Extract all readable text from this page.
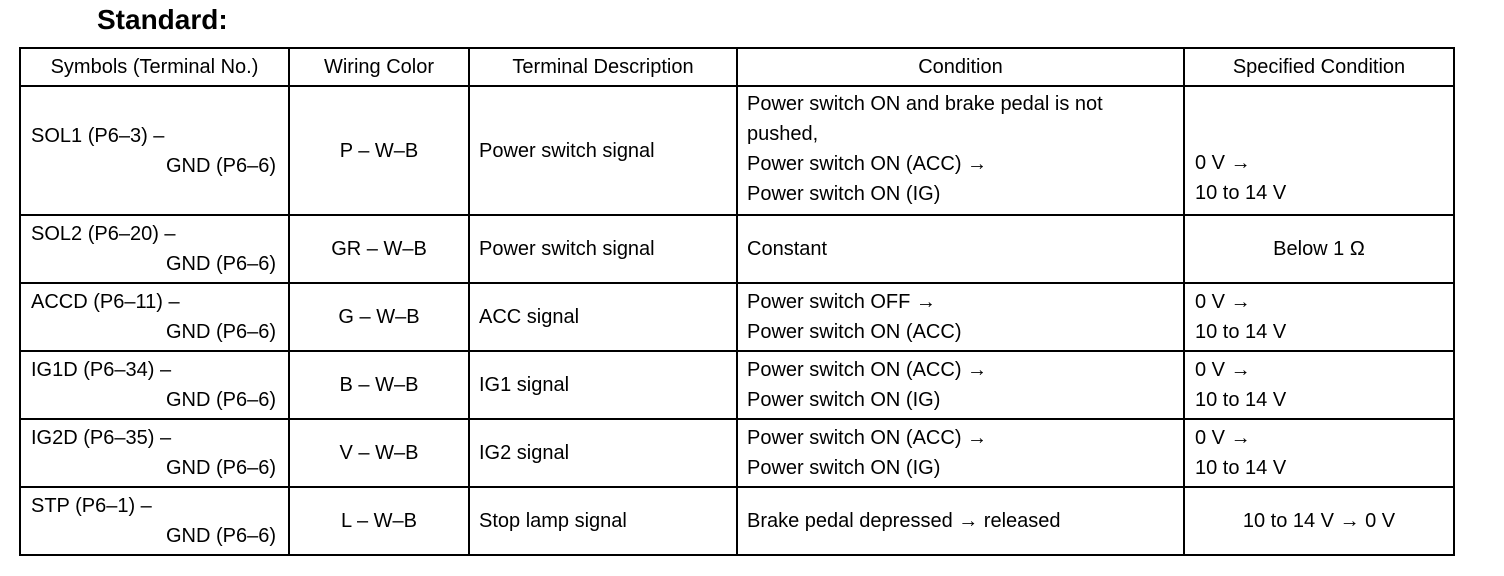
Standard:
Symbols (Terminal No.)	Wiring Color	Terminal Description	Condition	Specified Condition

SOL1 (P6–3) –
GND (P6–6)	P – W–B	Power switch signal	Power switch ON and brake pedal is not
pushed,
Power switch ON (ACC) →
Power switch ON (IG)	0 V →
10 to 14 V

SOL2 (P6–20) –
GND (P6–6)	GR – W–B	Power switch signal	Constant	Below 1 Ω

ACCD (P6–11) –
GND (P6–6)	G – W–B	ACC signal	Power switch OFF →
Power switch ON (ACC)	0 V →
10 to 14 V

IG1D (P6–34) –
GND (P6–6)	B – W–B	IG1 signal	Power switch ON (ACC) →
Power switch ON (IG)	0 V →
10 to 14 V

IG2D (P6–35) –
GND (P6–6)	V – W–B	IG2 signal	Power switch ON (ACC) →
Power switch ON (IG)	0 V →
10 to 14 V

STP (P6–1) –
GND (P6–6)	L – W–B	Stop lamp signal	Brake pedal depressed → released	10 to 14 V → 0 V
